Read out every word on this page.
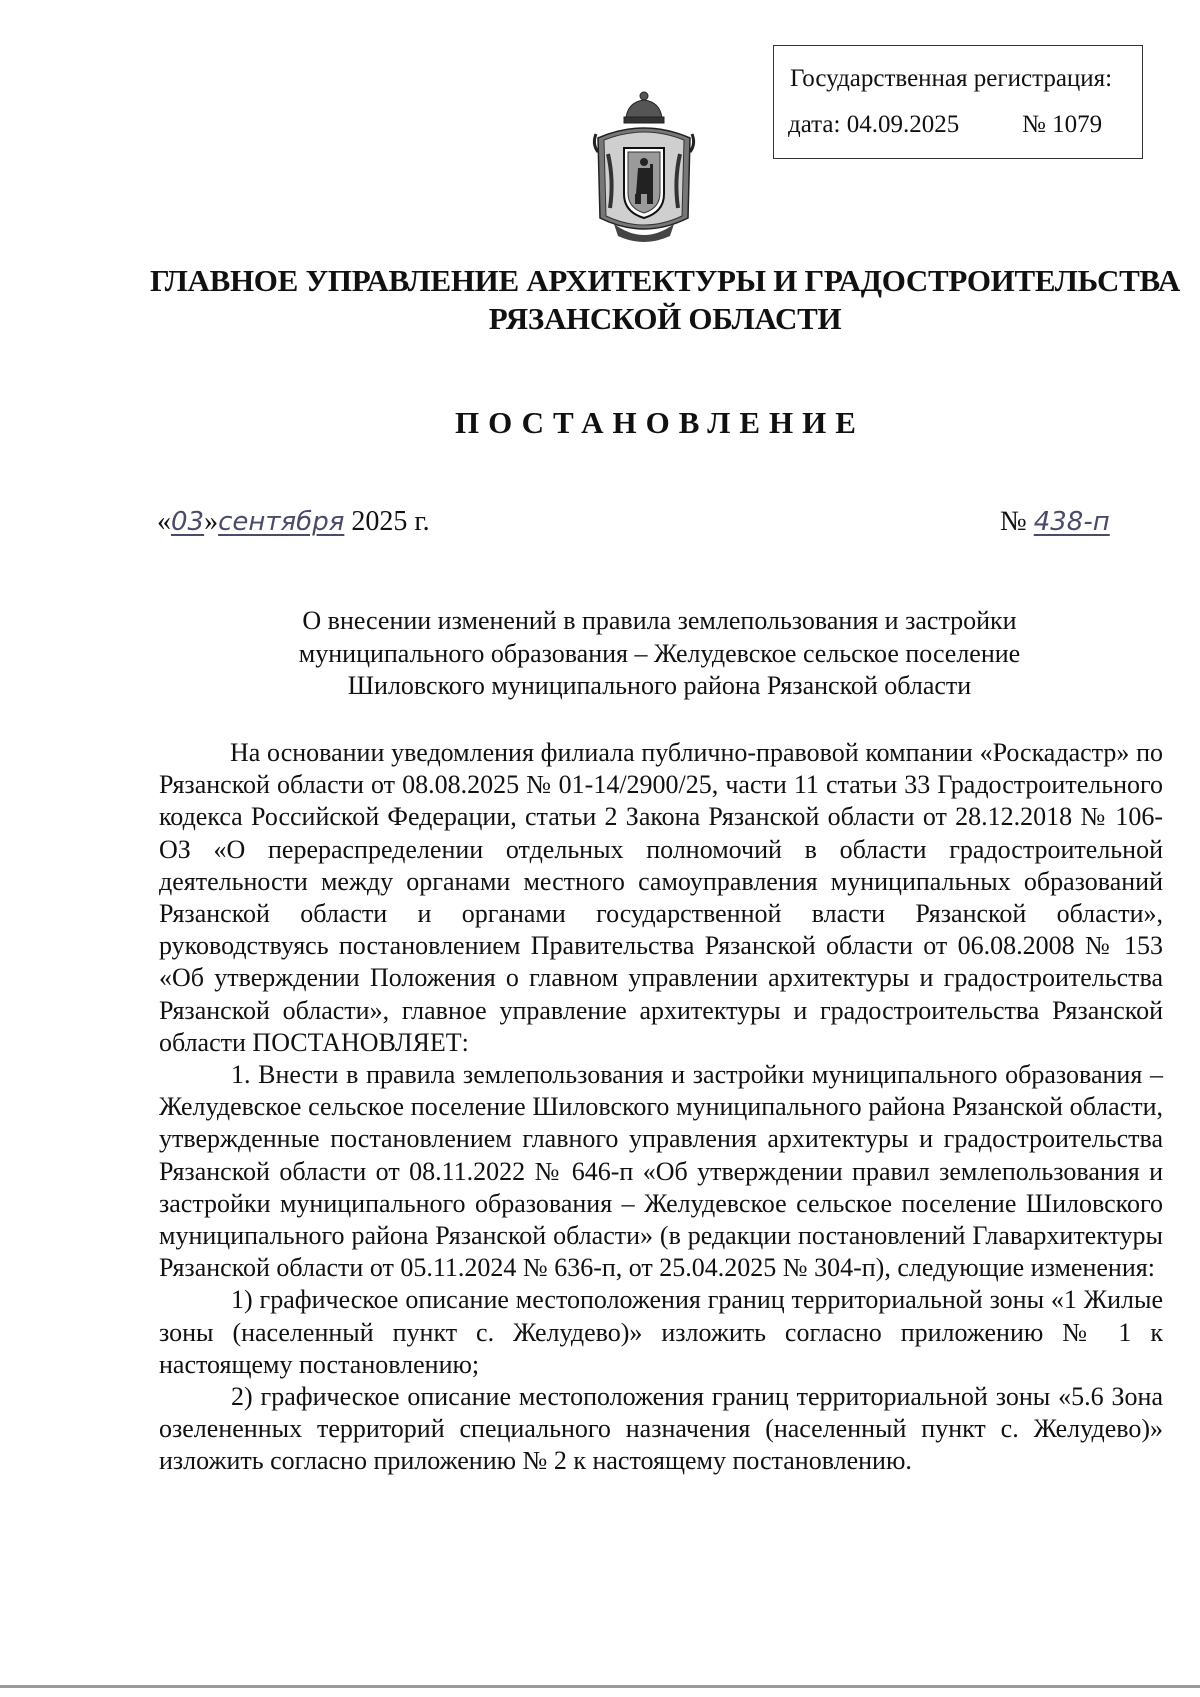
Государственная регистрация:
дата: 04.09.2025	№ 1079
ГЛАВНОЕ УПРАВЛЕНИЕ АРХИТЕКТУРЫ И ГРАДОСТРОИТЕЛЬСТВА
РЯЗАНСКОЙ ОБЛАСТИ
ПОСТАНОВЛЕНИЕ
«03»сентября 2025 г.	№ 438-п
О внесении изменений в правила землепользования и застройки
муниципального образования – Желудевское сельское поселение
Шиловского муниципального района Рязанской области

На основании уведомления филиала публично-правовой компании «Роскадастр» по Рязанской области от 08.08.2025 № 01-14/2900/25, части 11 статьи 33 Градостроительного кодекса Российской Федерации, статьи 2 Закона Рязанской области от 28.12.2018 № 106-ОЗ «О перераспределении отдельных полномочий в области градостроительной деятельности между органами местного самоуправления муниципальных образований Рязанской области и органами государственной власти Рязанской области», руководствуясь постановлением Правительства Рязанской области от 06.08.2008 № 153 «Об утверждении Положения о главном управлении архитектуры и градостроительства Рязанской области», главное управление архитектуры и градостроительства Рязанской области ПОСТАНОВЛЯЕТ:

1. Внести в правила землепользования и застройки муниципального образования – Желудевское сельское поселение Шиловского муниципального района Рязанской области, утвержденные постановлением главного управления архитектуры и градостроительства Рязанской области от 08.11.2022 № 646-п «Об утверждении правил землепользования и застройки муниципального образования – Желудевское сельское поселение Шиловского муниципального района Рязанской области» (в редакции постановлений Главархитектуры Рязанской области от 05.11.2024 № 636-п, от 25.04.2025 № 304-п), следующие изменения:

1) графическое описание местоположения границ территориальной зоны «1 Жилые зоны (населенный пункт с. Желудево)» изложить согласно приложению № 1 к настоящему постановлению;

2) графическое описание местоположения границ территориальной зоны «5.6 Зона озелененных территорий специального назначения (населенный пункт с. Желудево)» изложить согласно приложению № 2 к настоящему постановлению.
